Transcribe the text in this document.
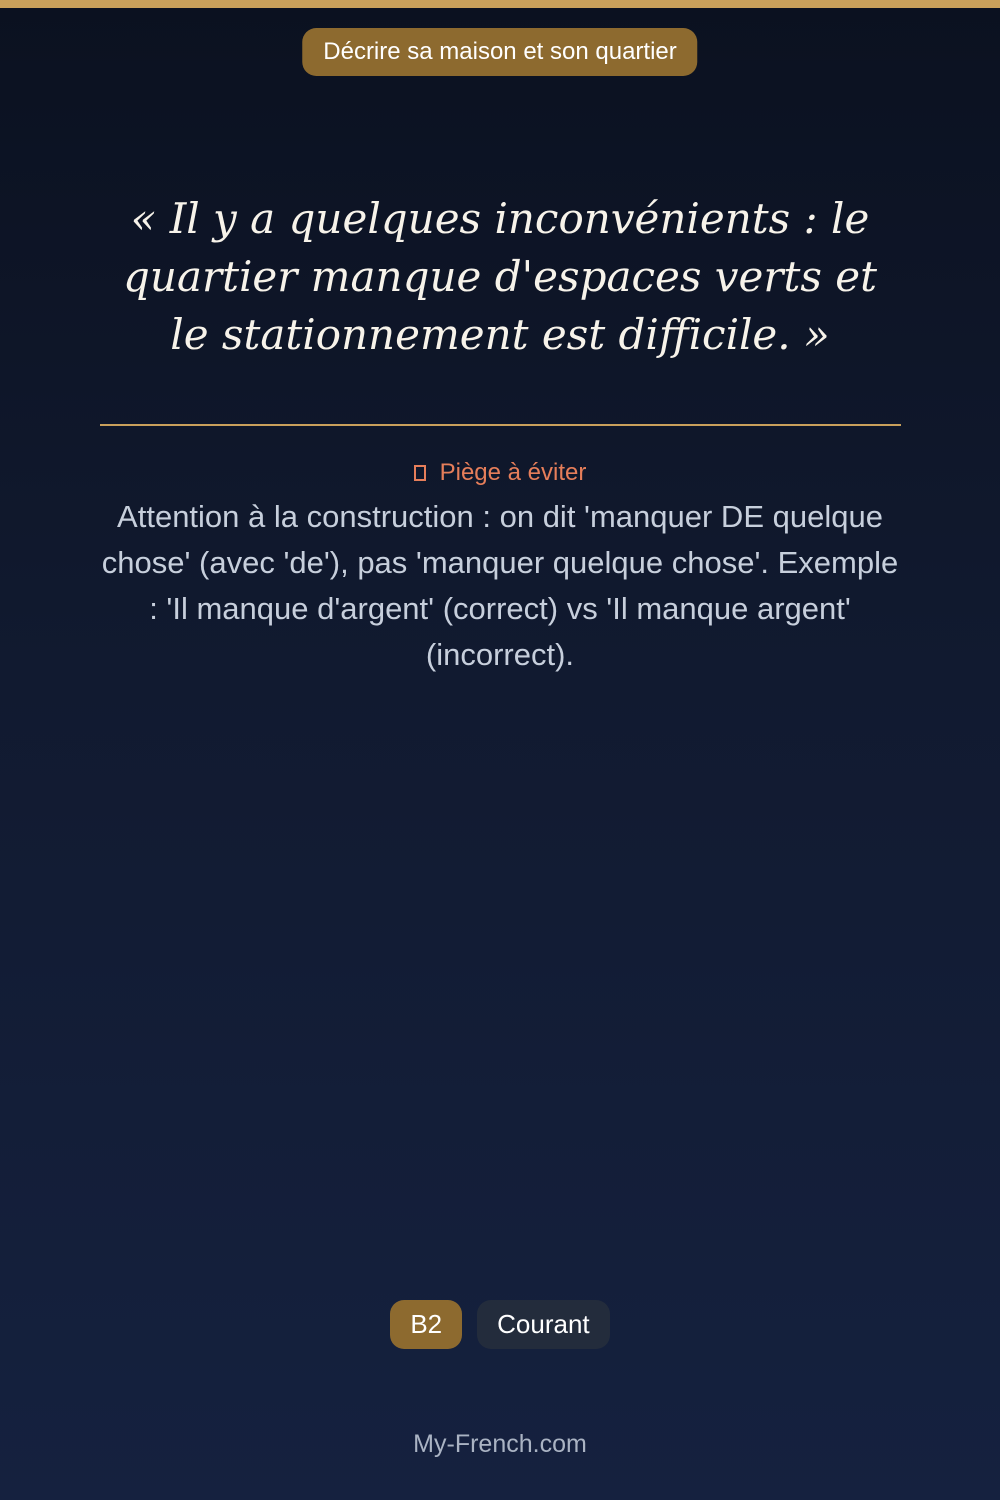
Décrire sa maison et son quartier

« Il y a quelques inconvénients : le quartier manque d'espaces verts et le stationnement est difficile. »

Piège à éviter

Attention à la construction : on dit 'manquer DE quelque chose' (avec 'de'), pas 'manquer quelque chose'. Exemple : 'Il manque d'argent' (correct) vs 'Il manque argent' (incorrect).

B2 Courant
My-French.com
